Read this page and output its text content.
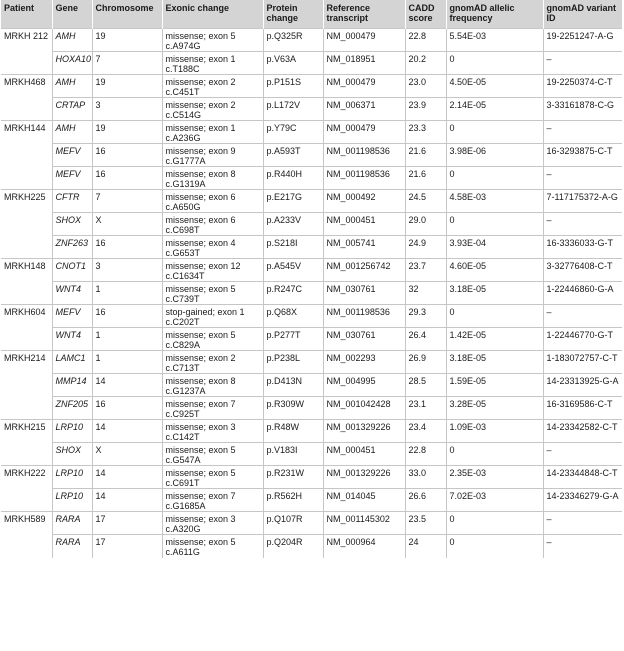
Patient	Gene	Chromosome	Exonic change	Protein change	Reference transcript	CADD score	gnomAD allelic frequency	gnomAD variant ID
MRKH 212	AMH	19	missense; exon 5 c.A974G	p.Q325R	NM_000479	22.8	5.54E-03	19-2251247-A-G
	HOXA10	7	missense; exon 1 c.T188C	p.V63A	NM_018951	20.2	0	–
MRKH468	AMH	19	missense; exon 2 c.C451T	p.P151S	NM_000479	23.0	4.50E-05	19-2250374-C-T
	CRTAP	3	missense; exon 2 c.C514G	p.L172V	NM_006371	23.9	2.14E-05	3-33161878-C-G
MRKH144	AMH	19	missense; exon 1 c.A236G	p.Y79C	NM_000479	23.3	0	–
	MEFV	16	missense; exon 9 c.G1777A	p.A593T	NM_001198536	21.6	3.98E-06	16-3293875-C-T
	MEFV	16	missense; exon 8 c.G1319A	p.R440H	NM_001198536	21.6	0	–
MRKH225	CFTR	7	missense; exon 6 c.A650G	p.E217G	NM_000492	24.5	4.58E-03	7-117175372-A-G
	SHOX	X	missense; exon 6 c.C698T	p.A233V	NM_000451	29.0	0	–
	ZNF263	16	missense; exon 4 c.G653T	p.S218I	NM_005741	24.9	3.93E-04	16-3336033-G-T
MRKH148	CNOT1	3	missense; exon 12 c.C1634T	p.A545V	NM_001256742	23.7	4.60E-05	3-32776408-C-T
	WNT4	1	missense; exon 5 c.C739T	p.R247C	NM_030761	32	3.18E-05	1-22446860-G-A
MRKH604	MEFV	16	stop-gained; exon 1 c.C202T	p.Q68X	NM_001198536	29.3	0	–
	WNT4	1	missense; exon 5 c.C829A	p.P277T	NM_030761	26.4	1.42E-05	1-22446770-G-T
MRKH214	LAMC1	1	missense; exon 2 c.C713T	p.P238L	NM_002293	26.9	3.18E-05	1-183072757-C-T
	MMP14	14	missense; exon 8 c.G1237A	p.D413N	NM_004995	28.5	1.59E-05	14-23313925-G-A
	ZNF205	16	missense; exon 7 c.C925T	p.R309W	NM_001042428	23.1	3.28E-05	16-3169586-C-T
MRKH215	LRP10	14	missense; exon 3 c.C142T	p.R48W	NM_001329226	23.4	1.09E-03	14-23342582-C-T
	SHOX	X	missense; exon 5 c.G547A	p.V183I	NM_000451	22.8	0	–
MRKH222	LRP10	14	missense; exon 5 c.C691T	p.R231W	NM_001329226	33.0	2.35E-03	14-23344848-C-T
	LRP10	14	missense; exon 7 c.G1685A	p.R562H	NM_014045	26.6	7.02E-03	14-23346279-G-A
MRKH589	RARA	17	missense; exon 3 c.A320G	p.Q107R	NM_001145302	23.5	0	–
	RARA	17	missense; exon 5 c.A611G	p.Q204R	NM_000964	24	0	–
